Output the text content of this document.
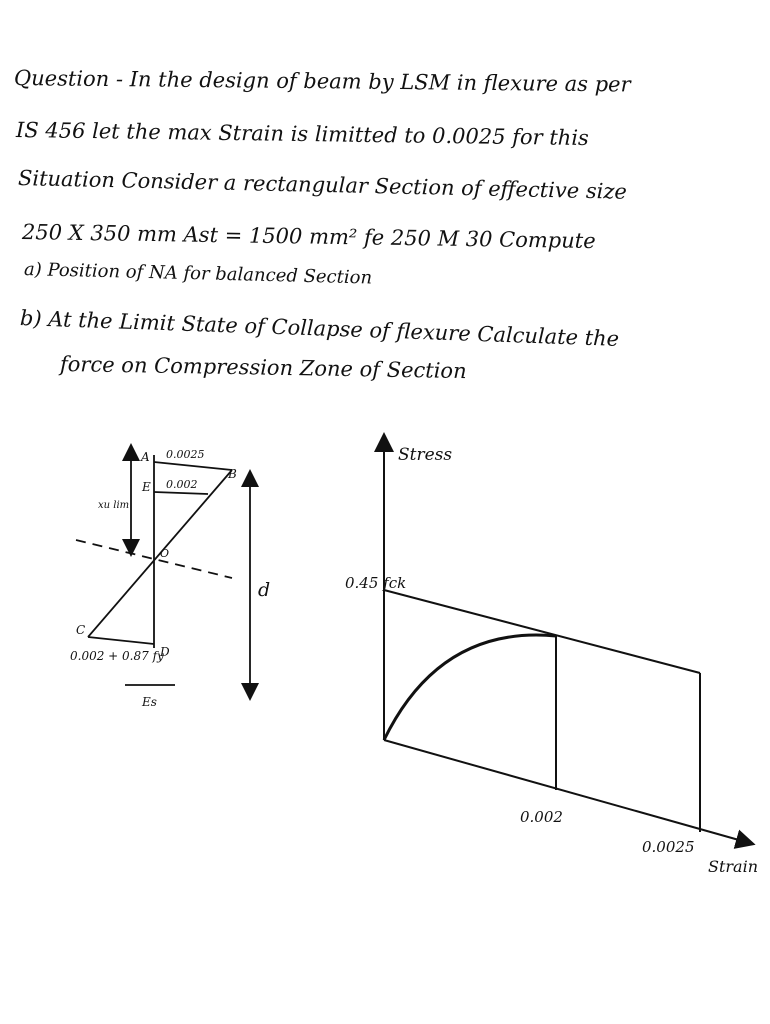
Question - In the design of beam by LSM in flexure as per

IS 456 let the max Strain is limitted to 0.0025 for this

Situation Consider a rectangular Section of effective size

250 X 350 mm Ast = 1500 mm² fe 250 M 30 Compute

a) Position of NA for balanced Section

b) At the Limit State of Collapse of flexure Calculate the

force on Compression Zone of Section

A
B
E
O
C
D
0.0025
0.002
xu lim
d
0.002 + 0.87 fy
Es
Stress
0.45 fck
0.002
0.0025
Strain
